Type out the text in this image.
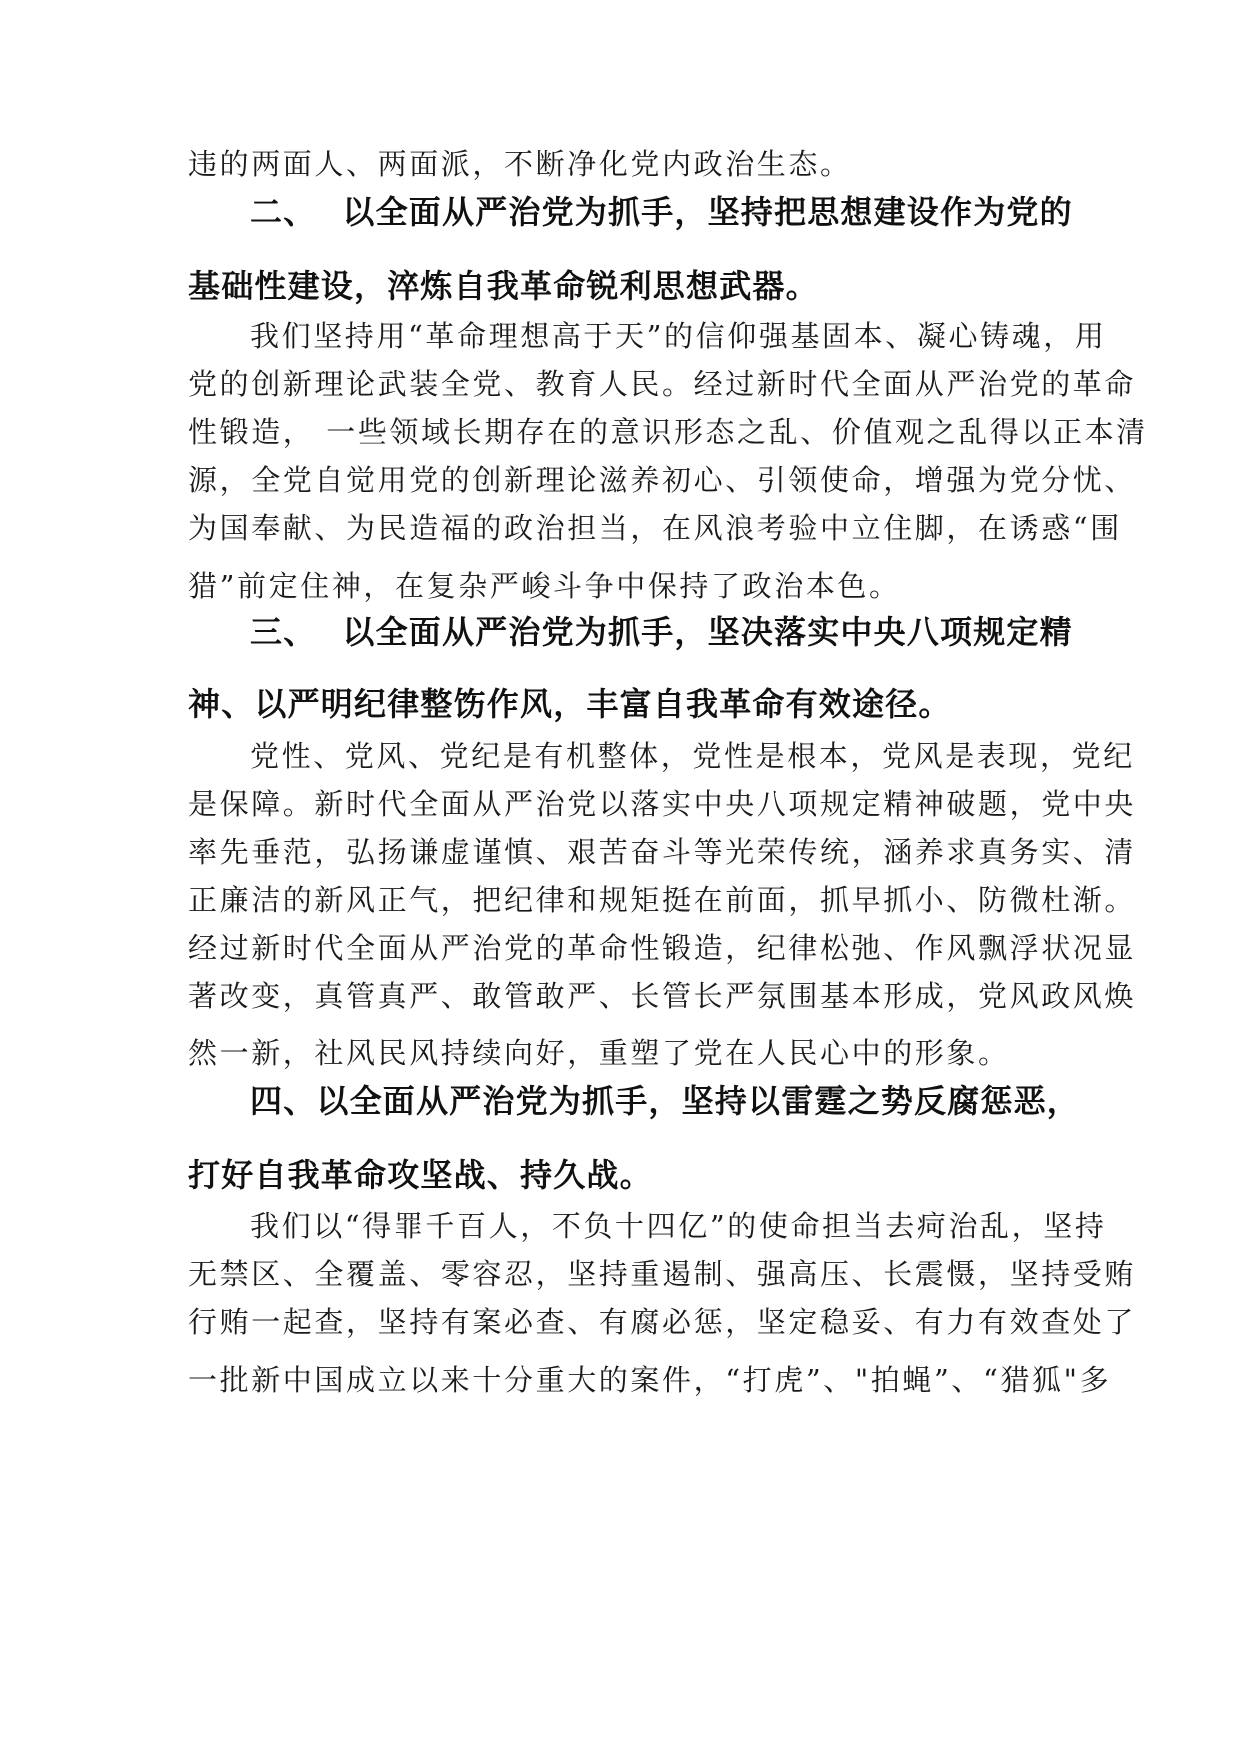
违的两面人、两面派，不断净化党内政治生态。
二、 以全面从严治党为抓手，坚持把思想建设作为党的
基础性建设，淬炼自我革命锐利思想武器。
我们坚持用“革命理想高于天”的信仰强基固本、凝心铸魂，用
党的创新理论武装全党、教育人民。经过新时代全面从严治党的革命
性锻造， 一些领域长期存在的意识形态之乱、价值观之乱得以正本清
源，全党自觉用党的创新理论滋养初心、引领使命，增强为党分忧、
为国奉献、为民造福的政治担当，在风浪考验中立住脚，在诱惑“围
猎”前定住神，在复杂严峻斗争中保持了政治本色。
三、 以全面从严治党为抓手，坚决落实中央八项规定精
神、以严明纪律整饬作风，丰富自我革命有效途径。
党性、党风、党纪是有机整体，党性是根本，党风是表现，党纪
是保障。新时代全面从严治党以落实中央八项规定精神破题，党中央
率先垂范，弘扬谦虚谨慎、艰苦奋斗等光荣传统，涵养求真务实、清
正廉洁的新风正气，把纪律和规矩挺在前面，抓早抓小、防微杜渐。
经过新时代全面从严治党的革命性锻造，纪律松弛、作风飘浮状况显
著改变，真管真严、敢管敢严、长管长严氛围基本形成，党风政风焕
然一新，社风民风持续向好，重塑了党在人民心中的形象。
四、以全面从严治党为抓手，坚持以雷霆之势反腐惩恶，
打好自我革命攻坚战、持久战。
我们以“得罪千百人，不负十四亿”的使命担当去疴治乱，坚持
无禁区、全覆盖、零容忍，坚持重遏制、强高压、长震慑，坚持受贿
行贿一起查，坚持有案必查、有腐必惩，坚定稳妥、有力有效查处了
一批新中国成立以来十分重大的案件，“打虎”、"拍蝇”、“猎狐"多
